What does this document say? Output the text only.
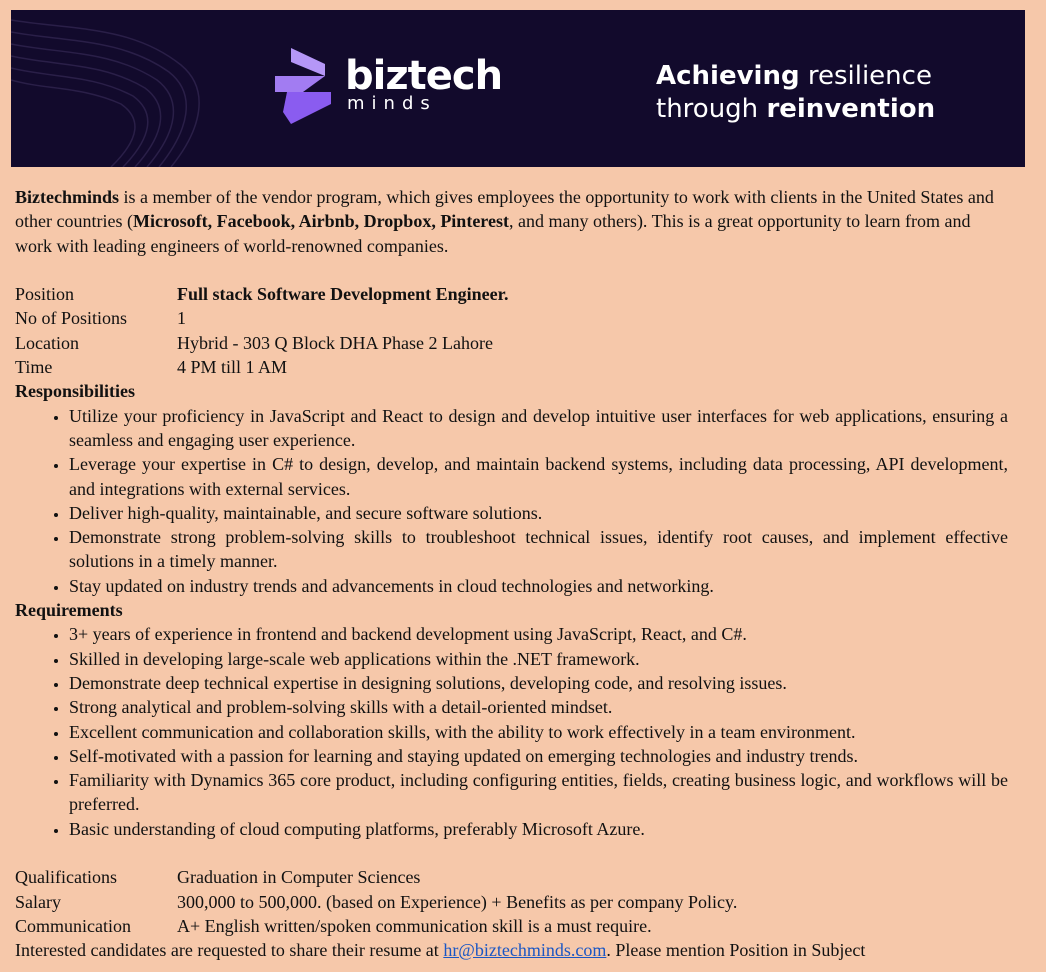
biztech
minds
Achieving resilience
through reinvention

Biztechminds is a member of the vendor program, which gives employees the opportunity to work with clients in the United States and other countries (Microsoft, Facebook, Airbnb, Dropbox, Pinterest, and many others). This is a great opportunity to learn from and work with leading engineers of world-renowned companies.

Position	Full stack Software Development Engineer.
No of Positions	1
Location	Hybrid - 303 Q Block DHA Phase 2 Lahore
Time	4 PM till 1 AM
Responsibilities
• Utilize your proficiency in JavaScript and React to design and develop intuitive user interfaces for web applications, ensuring a seamless and engaging user experience.
• Leverage your expertise in C# to design, develop, and maintain backend systems, including data processing, API development, and integrations with external services.
• Deliver high-quality, maintainable, and secure software solutions.
• Demonstrate strong problem-solving skills to troubleshoot technical issues, identify root causes, and implement effective solutions in a timely manner.
• Stay updated on industry trends and advancements in cloud technologies and networking.
Requirements
• 3+ years of experience in frontend and backend development using JavaScript, React, and C#.
• Skilled in developing large-scale web applications within the .NET framework.
• Demonstrate deep technical expertise in designing solutions, developing code, and resolving issues.
• Strong analytical and problem-solving skills with a detail-oriented mindset.
• Excellent communication and collaboration skills, with the ability to work effectively in a team environment.
• Self-motivated with a passion for learning and staying updated on emerging technologies and industry trends.
• Familiarity with Dynamics 365 core product, including configuring entities, fields, creating business logic, and workflows will be preferred.
• Basic understanding of cloud computing platforms, preferably Microsoft Azure.
Qualifications	Graduation in Computer Sciences
Salary	300,000 to 500,000. (based on Experience) + Benefits as per company Policy.
Communication	A+ English written/spoken communication skill is a must require.
Interested candidates are requested to share their resume at hr@biztechminds.com. Please mention Position in Subject
